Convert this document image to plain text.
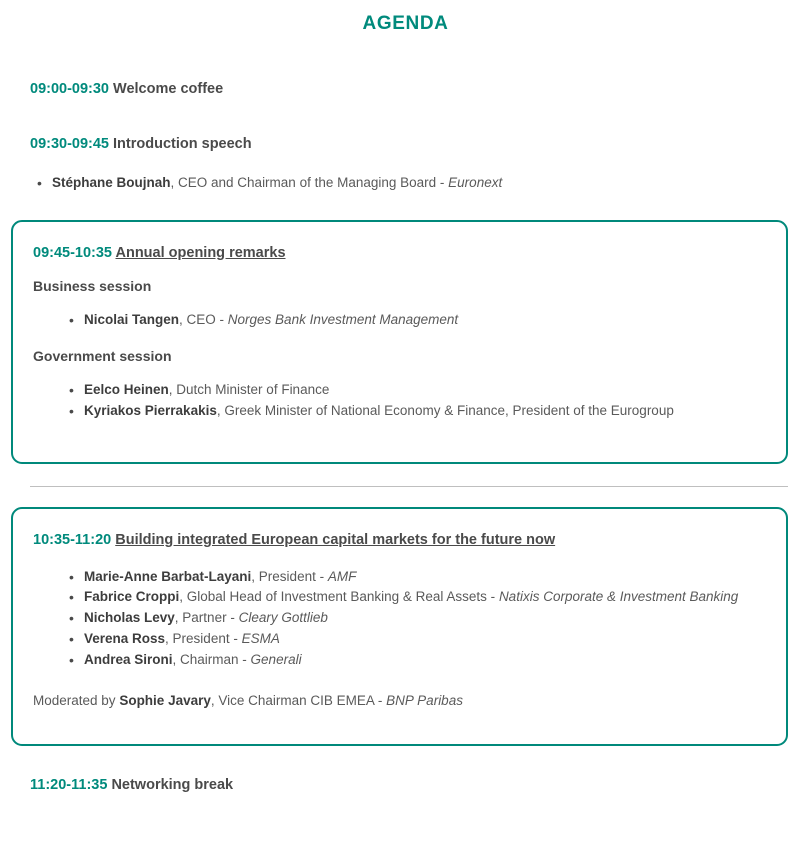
AGENDA
09:00-09:30 Welcome coffee
09:30-09:45 Introduction speech
• Stéphane Boujnah, CEO and Chairman of the Managing Board - Euronext
09:45-10:35 Annual opening remarks
Business session
• Nicolai Tangen, CEO - Norges Bank Investment Management
Government session
• Eelco Heinen, Dutch Minister of Finance
• Kyriakos Pierrakakis, Greek Minister of National Economy & Finance, President of the Eurogroup
10:35-11:20 Building integrated European capital markets for the future now
• Marie-Anne Barbat-Layani, President - AMF
• Fabrice Croppi, Global Head of Investment Banking & Real Assets - Natixis Corporate & Investment Banking
• Nicholas Levy, Partner - Cleary Gottlieb
• Verena Ross, President - ESMA
• Andrea Sironi, Chairman - Generali
Moderated by Sophie Javary, Vice Chairman CIB EMEA - BNP Paribas
11:20-11:35 Networking break
